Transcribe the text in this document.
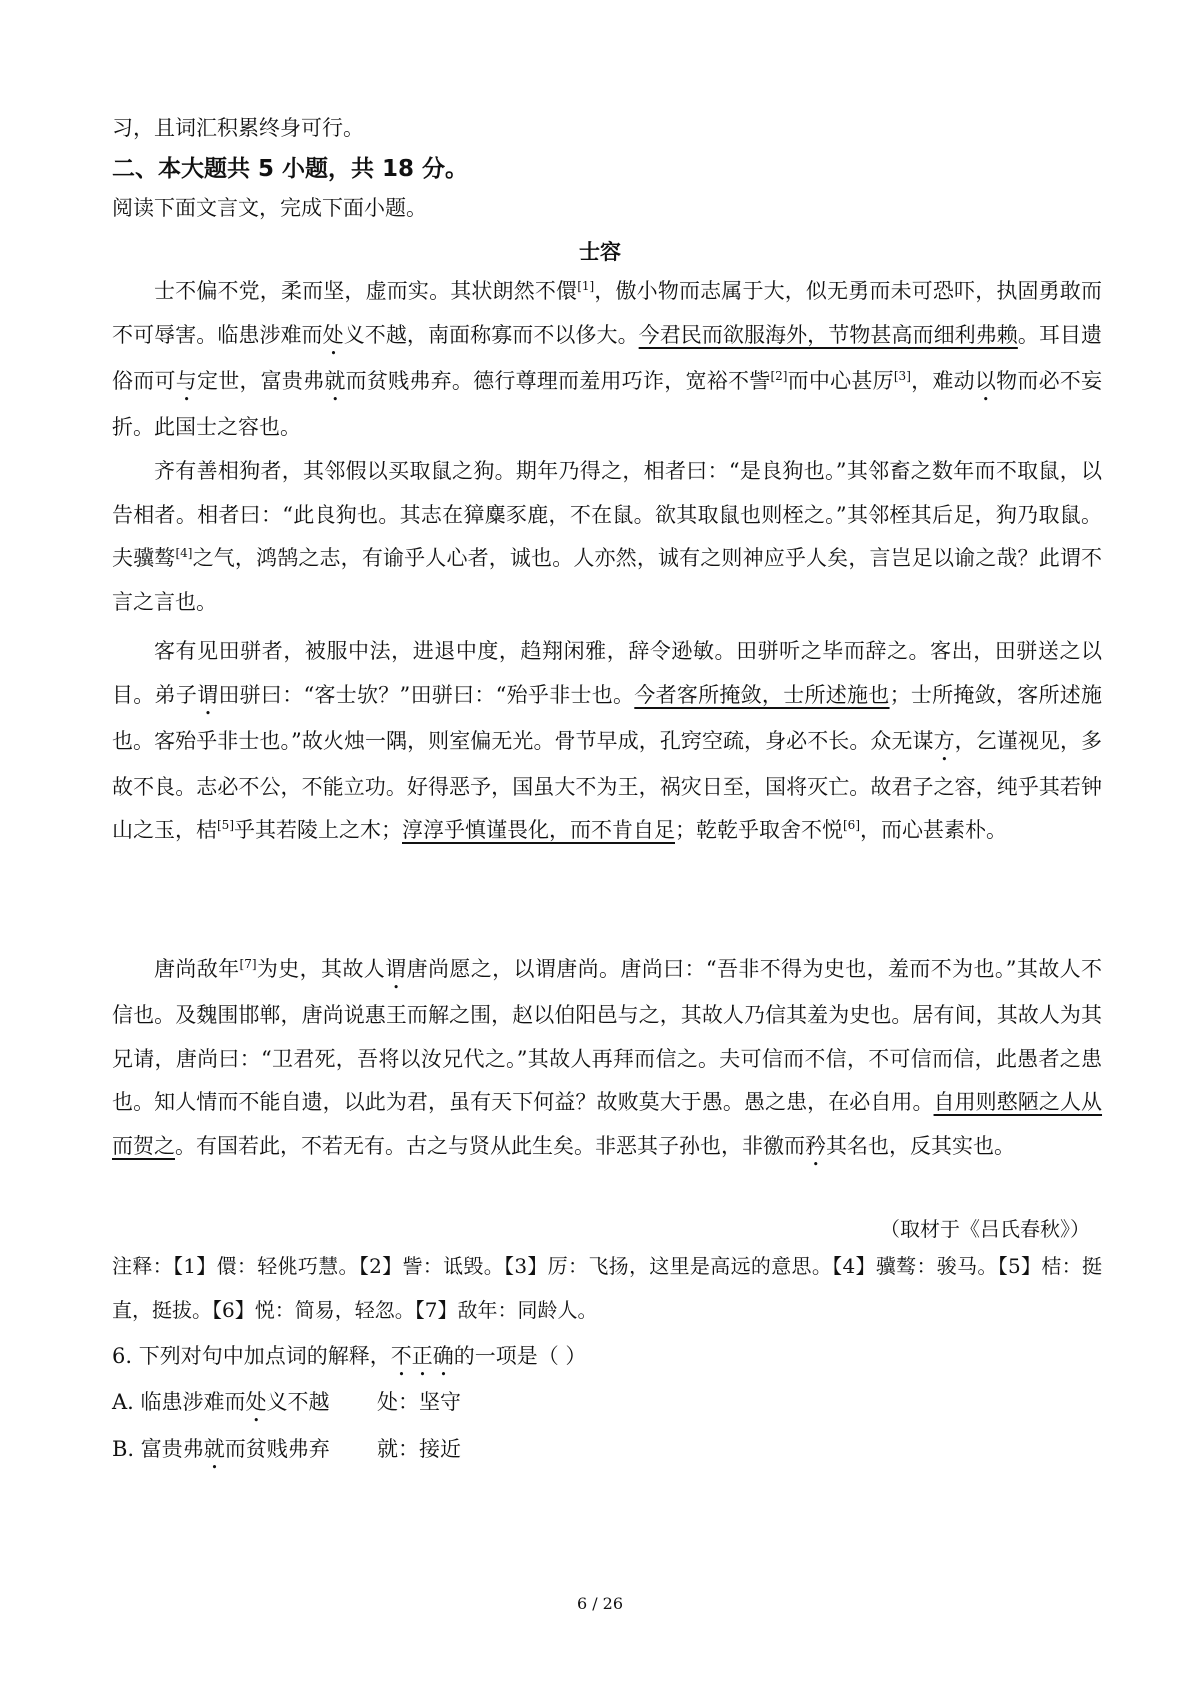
习，且词汇积累终身可行。
二、本大题共 5 小题，共 18 分。
阅读下面文言文，完成下面小题。
士容
士不偏不党，柔而坚，虚而实。其状朗然不儇[1]，傲小物而志属于大，似无勇而未可恐吓，执固勇敢而不可辱害。临患涉难而处义不越，南面称寡而不以侈大。今君民而欲服海外，节物甚高而细利弗赖。耳目遗俗而可与定世，富贵弗就而贫贱弗弃。德行尊理而羞用巧诈，宽裕不訾[2]而中心甚厉[3]，难动以物而必不妄折。此国士之容也。
齐有善相狗者，其邻假以买取鼠之狗。期年乃得之，相者曰：“是良狗也。”其邻畜之数年而不取鼠，以告相者。相者曰：“此良狗也。其志在獐麋豕鹿，不在鼠。欲其取鼠也则桎之。”其邻桎其后足，狗乃取鼠。夫骥骜[4]之气，鸿鹄之志，有谕乎人心者，诚也。人亦然，诚有之则神应乎人矣，言岂足以谕之哉？此谓不言之言也。
客有见田骈者，被服中法，进退中度，趋翔闲雅，辞令逊敏。田骈听之毕而辞之。客出，田骈送之以目。弟子谓田骈曰：“客士欤？”田骈曰：“殆乎非士也。今者客所掩敛，士所述施也；士所掩敛，客所述施也。客殆乎非士也。”故火烛一隅，则室偏无光。骨节早成，孔窍空疏，身必不长。众无谋方，乞谨视见，多故不良。志必不公，不能立功。好得恶予，国虽大不为王，祸灾日至，国将灭亡。故君子之容，纯乎其若钟山之玉，桔[5]乎其若陵上之木；淳淳乎慎谨畏化，而不肯自足；乾乾乎取舍不悦[6]，而心甚素朴。
唐尚敌年[7]为史，其故人谓唐尚愿之，以谓唐尚。唐尚曰：“吾非不得为史也，羞而不为也。”其故人不信也。及魏围邯郸，唐尚说惠王而解之围，赵以伯阳邑与之，其故人乃信其羞为史也。居有间，其故人为其兄请，唐尚曰：“卫君死，吾将以汝兄代之。”其故人再拜而信之。夫可信而不信，不可信而信，此愚者之患也。知人情而不能自遗，以此为君，虽有天下何益？故败莫大于愚。愚之患，在必自用。自用则憨陋之人从而贺之。有国若此，不若无有。古之与贤从此生矣。非恶其子孙也，非徼而矜其名也，反其实也。
（取材于《吕氏春秋》）
注释：【1】儇：轻佻巧慧。【2】訾：诋毁。【3】厉：飞扬，这里是高远的意思。【4】骥骜：骏马。【5】桔：挺直，挺拔。【6】悦：简易，轻忽。【7】敌年：同龄人。
6. 下列对句中加点词的解释，不正确的一项是（ ）
A. 临患涉难而处义不越 处：坚守
B. 富贵弗就而贫贱弗弃 就：接近
6 / 26
